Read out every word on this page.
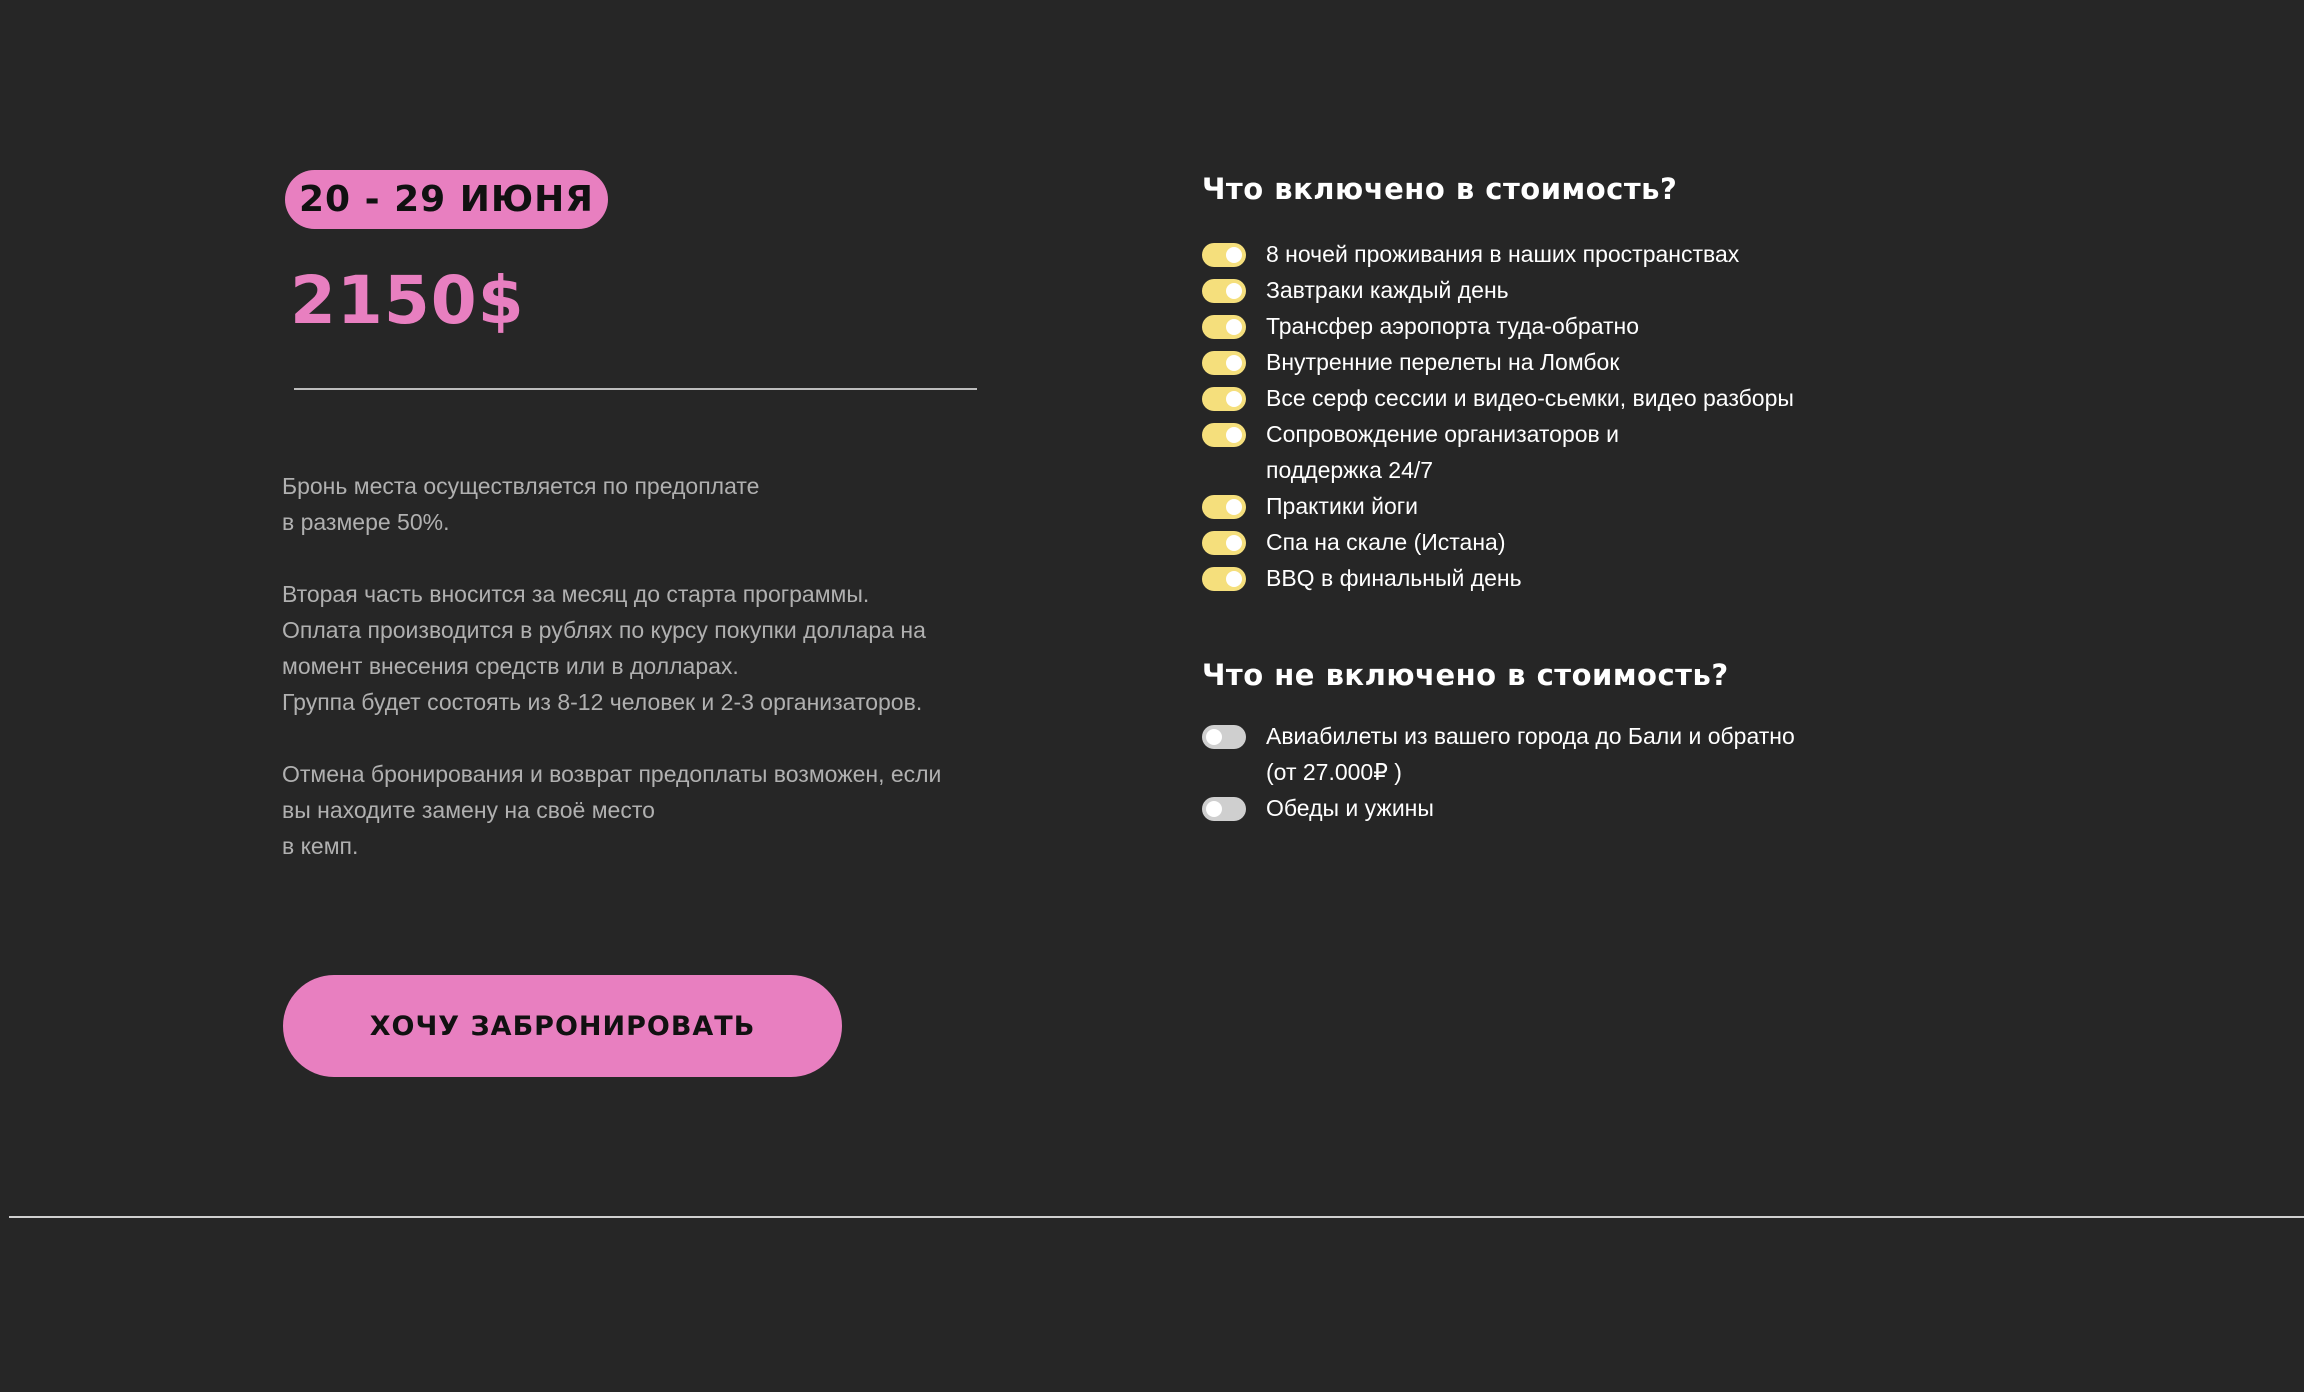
20 - 29 ИЮНЯ
2150$

Бронь места осуществляется по предоплате
в размере 50%.

Вторая часть вносится за месяц до старта программы.
Оплата производится в рублях по курсу покупки доллара на
момент внесения средств или в долларах.
Группа будет состоять из 8-12 человек и 2-3 организаторов.

Отмена бронирования и возврат предоплаты возможен, если
вы находите замену на своё место
в кемп.

ХОЧУ ЗАБРОНИРОВАТЬ
Что включено в стоимость?
8 ночей проживания в наших пространствах
Завтраки каждый день
Трансфер аэропорта туда-обратно
Внутренние перелеты на Ломбок
Все серф сессии и видео-сьемки, видео разборы
Сопровождение организаторов и
поддержка 24/7
Практики йоги
Спа на скале (Истана)
BBQ в финальный день
Что не включено в стоимость?
Авиабилеты из вашего города до Бали и обратно
(от 27.000₽ )
Обеды и ужины
